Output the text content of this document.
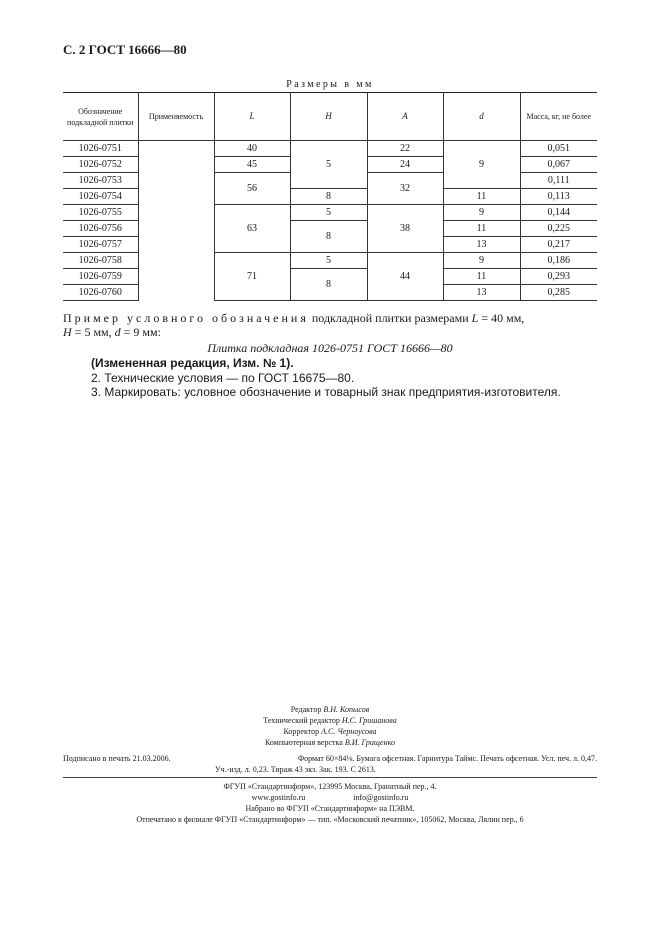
С. 2 ГОСТ 16666—80
Размеры в мм
Обозначение подкладной плитки	Применяемость	L	H	A	d	Масса, кг, не более
1026-0751		40	5	22	9	0,051
1026-0752		45		24		0,067
1026-0753		56		32		0,111
1026-0754			8		11	0,113
1026-0755		63	5	38	9	0,144
1026-0756			8		11	0,225
1026-0757					13	0,217
1026-0758		71	5	44	9	0,186
1026-0759			8		11	0,293
1026-0760					13	0,285
Пример условного обозначения подкладной плитки размерами L = 40 мм,
H = 5 мм, d = 9 мм:
Плитка подкладная 1026-0751 ГОСТ 16666—80
(Измененная редакция, Изм. № 1).
2. Технические условия — по ГОСТ 16675—80.
3. Маркировать: условное обозначение и товарный знак предприятия-изготовителя.
Редактор В.Н. Копысов
Технический редактор Н.С. Гришанова
Корректор А.С. Черноусова
Компьютерная верстка В.И. Грищенко
Подписано в печать 21.03.2006.	Формат 60×84⅛. Бумага офсетная. Гарнитура Таймс. Печать офсетная. Усл. печ. л. 0,47.
Уч.-изд. л. 0,23. Тираж 43 экз. Зак. 193. С 2613.
ФГУП «Стандартинформ», 123995 Москва, Гранатный пер., 4.
www.gostinfo.ru	info@gostinfo.ru
Набрано во ФГУП «Стандартинформ» на ПЭВМ.
Отпечатано в филиале ФГУП «Стандартинформ» — тип. «Московский печатник», 105062, Москва, Лялин пер., 6
